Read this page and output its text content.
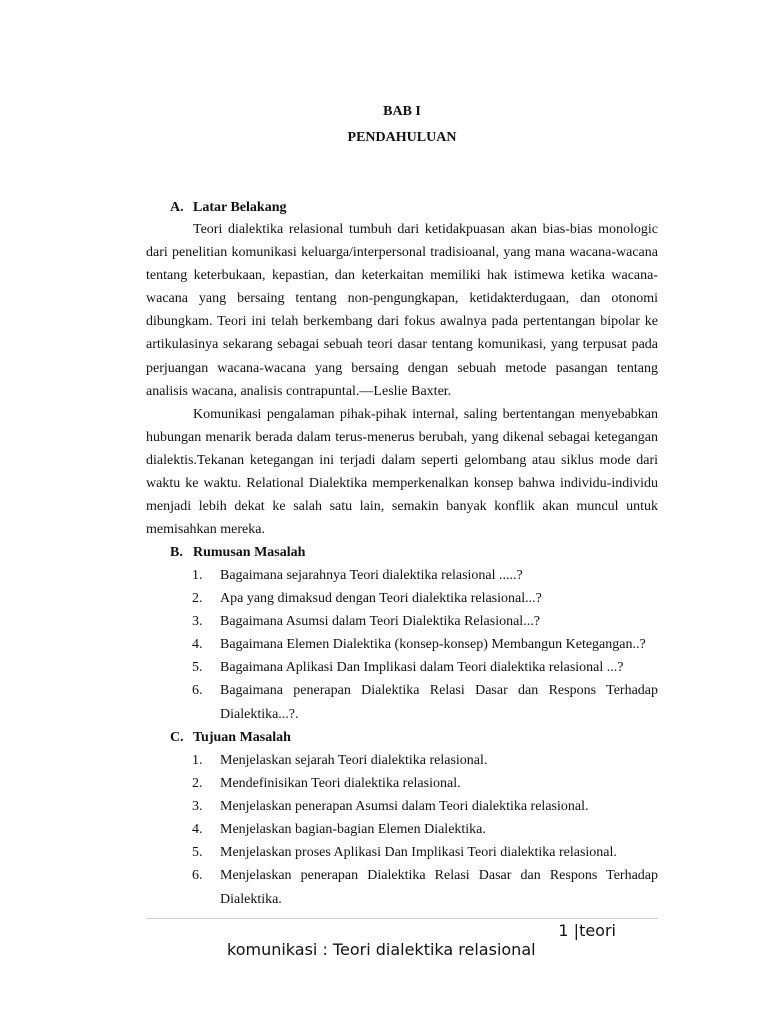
BAB I
PENDAHULUAN
A. Latar Belakang

Teori dialektika relasional tumbuh dari ketidakpuasan akan bias-bias monologic dari penelitian komunikasi keluarga/interpersonal tradisioanal, yang mana wacana-wacana tentang keterbukaan, kepastian, dan keterkaitan memiliki hak istimewa ketika wacana-wacana yang bersaing tentang non-pengungkapan, ketidakterdugaan, dan otonomi dibungkam. Teori ini telah berkembang dari fokus awalnya pada pertentangan bipolar ke artikulasinya sekarang sebagai sebuah teori dasar tentang komunikasi, yang terpusat pada perjuangan wacana-wacana yang bersaing dengan sebuah metode pasangan tentang analisis wacana, analisis contrapuntal.—Leslie Baxter.

Komunikasi pengalaman pihak-pihak internal, saling bertentangan menyebabkan hubungan menarik berada dalam terus-menerus berubah, yang dikenal sebagai ketegangan dialektis.Tekanan ketegangan ini terjadi dalam seperti gelombang atau siklus mode dari waktu ke waktu. Relational Dialektika memperkenalkan konsep bahwa individu-individu menjadi lebih dekat ke salah satu lain, semakin banyak konflik akan muncul untuk memisahkan mereka.

B. Rumusan Masalah
1. Bagaimana sejarahnya Teori dialektika relasional .....?
2. Apa yang dimaksud dengan Teori dialektika relasional...?
3. Bagaimana Asumsi dalam Teori Dialektika Relasional...?
4. Bagaimana Elemen Dialektika (konsep-konsep) Membangun Ketegangan..?
5. Bagaimana Aplikasi Dan Implikasi dalam Teori dialektika relasional ...?
6. Bagaimana penerapan Dialektika Relasi Dasar dan Respons Terhadap Dialektika...?.
C. Tujuan Masalah
1. Menjelaskan sejarah Teori dialektika relasional.
2. Mendefinisikan Teori dialektika relasional.
3. Menjelaskan penerapan Asumsi dalam Teori dialektika relasional.
4. Menjelaskan bagian-bagian Elemen Dialektika.
5. Menjelaskan proses Aplikasi Dan Implikasi Teori dialektika relasional.
6. Menjelaskan penerapan Dialektika Relasi Dasar dan Respons Terhadap Dialektika.
1 |teori
komunikasi : Teori dialektika relasional
